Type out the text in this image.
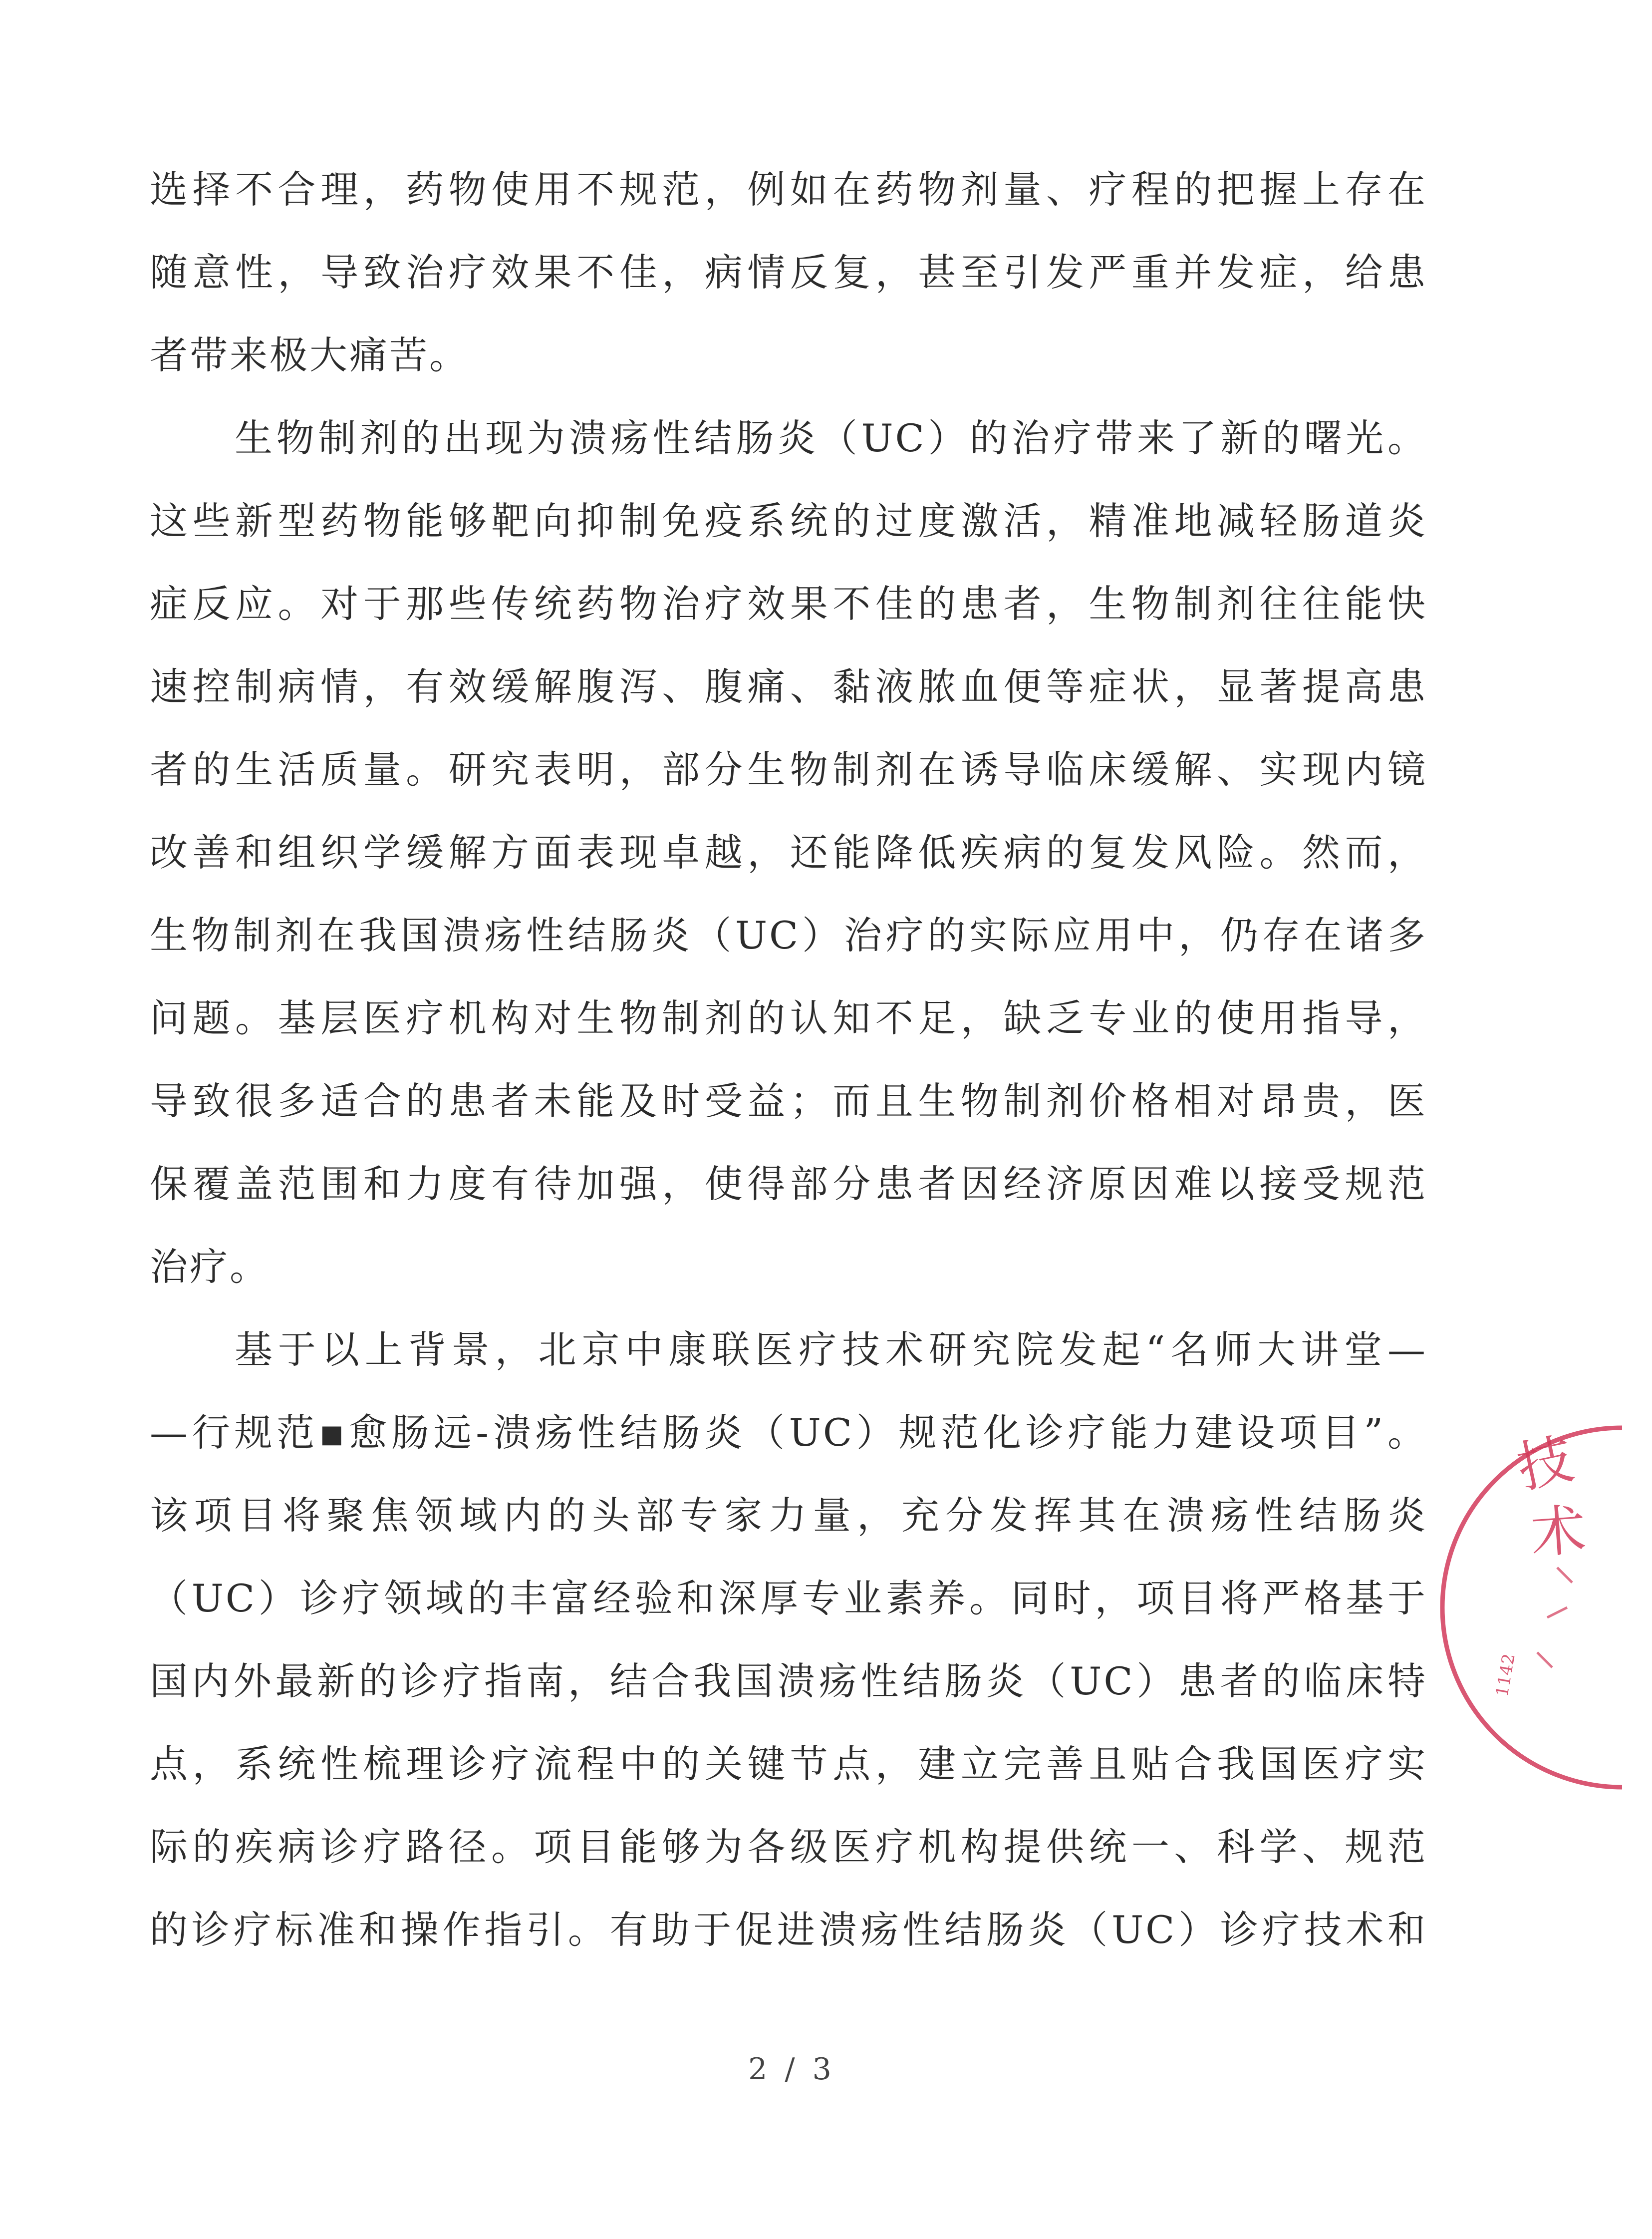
选择不合理，药物使用不规范，例如在药物剂量、疗程的把握上存在
随意性，导致治疗效果不佳，病情反复，甚至引发严重并发症，给患
者带来极大痛苦。
生物制剂的出现为溃疡性结肠炎（UC）的治疗带来了新的曙光。
这些新型药物能够靶向抑制免疫系统的过度激活，精准地减轻肠道炎
症反应。对于那些传统药物治疗效果不佳的患者，生物制剂往往能快
速控制病情，有效缓解腹泻、腹痛、黏液脓血便等症状，显著提高患
者的生活质量。研究表明，部分生物制剂在诱导临床缓解、实现内镜
改善和组织学缓解方面表现卓越，还能降低疾病的复发风险。然而，
生物制剂在我国溃疡性结肠炎（UC）治疗的实际应用中，仍存在诸多
问题。基层医疗机构对生物制剂的认知不足，缺乏专业的使用指导，
导致很多适合的患者未能及时受益；而且生物制剂价格相对昂贵，医
保覆盖范围和力度有待加强，使得部分患者因经济原因难以接受规范
治疗。
基于以上背景，北京中康联医疗技术研究院发起“名师大讲堂—
—行规范▪愈肠远-溃疡性结肠炎（UC）规范化诊疗能力建设项目”。
该项目将聚焦领域内的头部专家力量，充分发挥其在溃疡性结肠炎
（UC）诊疗领域的丰富经验和深厚专业素养。同时，项目将严格基于
国内外最新的诊疗指南，结合我国溃疡性结肠炎（UC）患者的临床特
点，系统性梳理诊疗流程中的关键节点，建立完善且贴合我国医疗实
际的疾病诊疗路径。项目能够为各级医疗机构提供统一、科学、规范
的诊疗标准和操作指引。有助于促进溃疡性结肠炎（UC）诊疗技术和
2 / 3
技
术
1142
